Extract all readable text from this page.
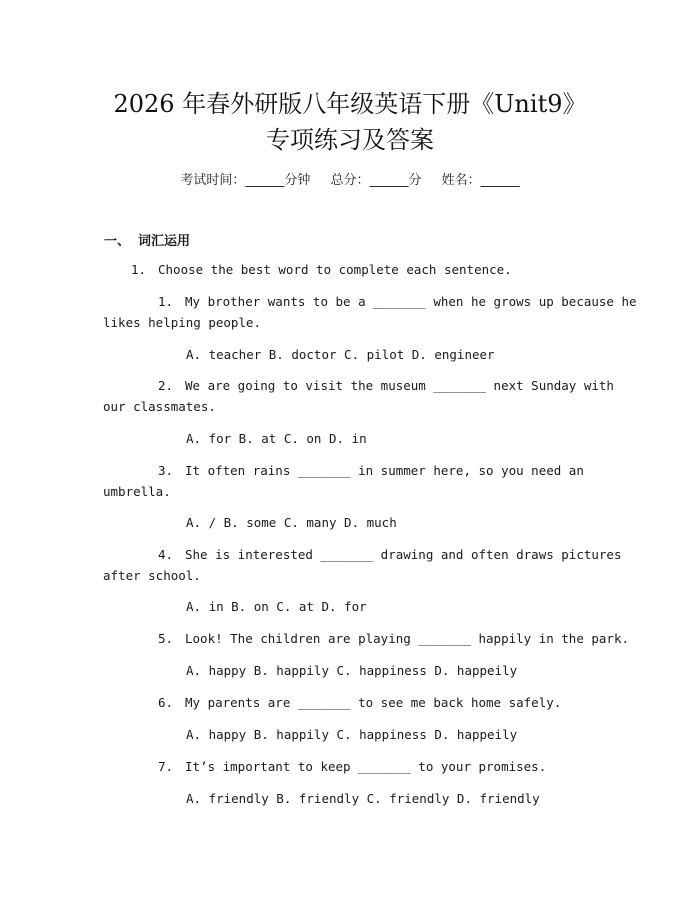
2026 年春外研版八年级英语下册《Unit9》
专项练习及答案
考试时间：______分钟 总分：______分 姓名：______
一、 词汇运用
1. Choose the best word to complete each sentence.
1. My brother wants to be a _______ when he grows up because he
likes helping people.
A. teacher B. doctor C. pilot D. engineer
2. We are going to visit the museum _______ next Sunday with
our classmates.
A. for B. at C. on D. in
3. It often rains _______ in summer here, so you need an
umbrella.
A. / B. some C. many D. much
4. She is interested _______ drawing and often draws pictures
after school.
A. in B. on C. at D. for
5. Look! The children are playing _______ happily in the park.
A. happy B. happily C. happiness D. happeily
6. My parents are _______ to see me back home safely.
A. happy B. happily C. happiness D. happeily
7. It’s important to keep _______ to your promises.
A. friendly B. friendly C. friendly D. friendly
